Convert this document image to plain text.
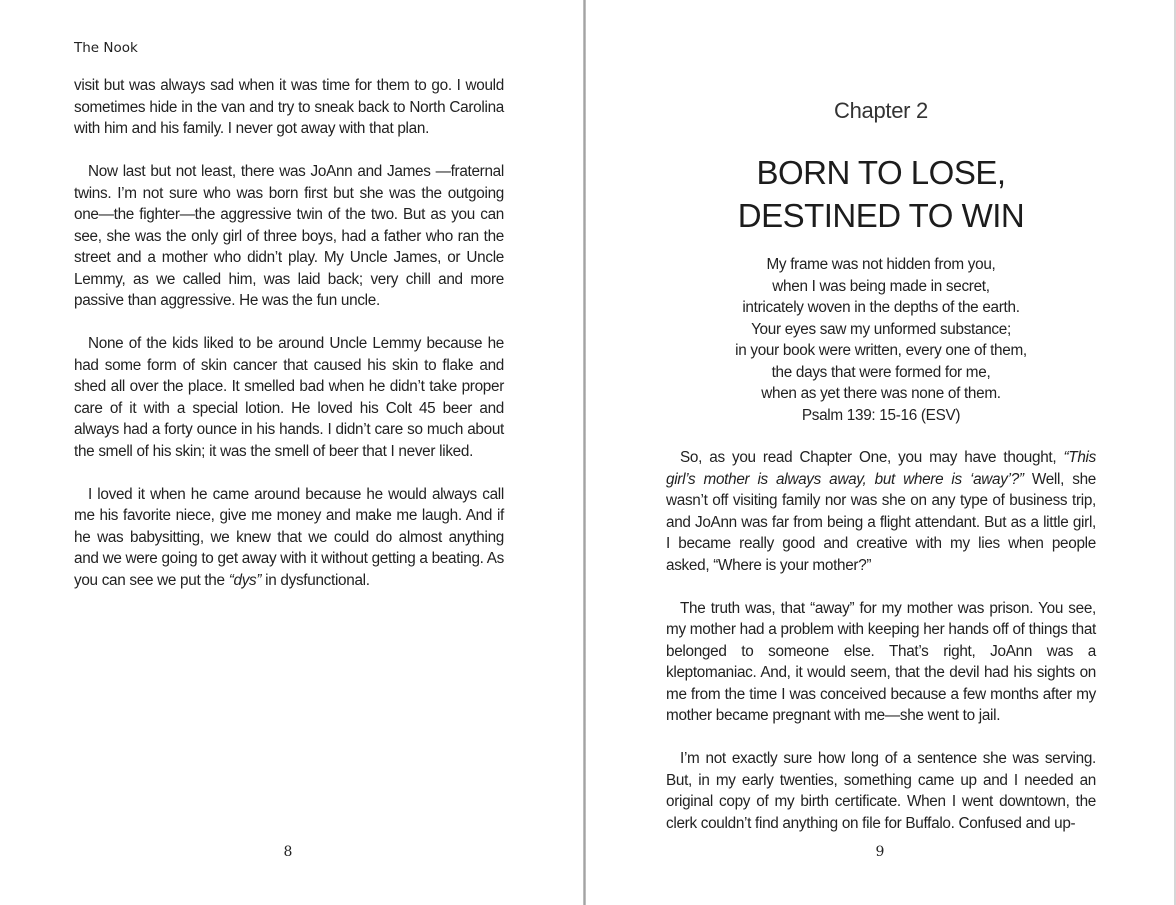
The Nook

visit but was always sad when it was time for them to go. I would sometimes hide in the van and try to sneak back to North Carolina with him and his family. I never got away with that plan.

Now last but not least, there was JoAnn and James —fraternal twins. I’m not sure who was born first but she was the outgoing one—the fighter—the aggressive twin of the two. But as you can see, she was the only girl of three boys, had a father who ran the street and a mother who didn’t play. My Uncle James, or Uncle Lemmy, as we called him, was laid back; very chill and more passive than aggressive. He was the fun uncle.

None of the kids liked to be around Uncle Lemmy because he had some form of skin cancer that caused his skin to flake and shed all over the place. It smelled bad when he didn’t take proper care of it with a special lotion. He loved his Colt 45 beer and always had a forty ounce in his hands. I didn’t care so much about the smell of his skin; it was the smell of beer that I never liked.

I loved it when he came around because he would always call me his favorite niece, give me money and make me laugh. And if he was babysitting, we knew that we could do almost anything and we were going to get away with it without getting a beating. As you can see we put the “dys” in dysfunctional.

8
Chapter 2
BORN TO LOSE,
DESTINED TO WIN
My frame was not hidden from you,
when I was being made in secret,
intricately woven in the depths of the earth.
Your eyes saw my unformed substance;
in your book were written, every one of them,
the days that were formed for me,
when as yet there was none of them.
Psalm 139: 15-16 (ESV)

So, as you read Chapter One, you may have thought, “This girl’s mother is always away, but where is ‘away’?” Well, she wasn’t off visiting family nor was she on any type of business trip, and JoAnn was far from being a flight attendant. But as a little girl, I became really good and creative with my lies when people asked, “Where is your mother?”

The truth was, that “away” for my mother was prison. You see, my mother had a problem with keeping her hands off of things that belonged to someone else. That’s right, JoAnn was a kleptomaniac. And, it would seem, that the devil had his sights on me from the time I was conceived because a few months after my mother became pregnant with me—she went to jail.

I’m not exactly sure how long of a sentence she was serving. But, in my early twenties, something came up and I needed an original copy of my birth certificate. When I went downtown, the clerk couldn’t find anything on file for Buffalo. Confused and up-

9
